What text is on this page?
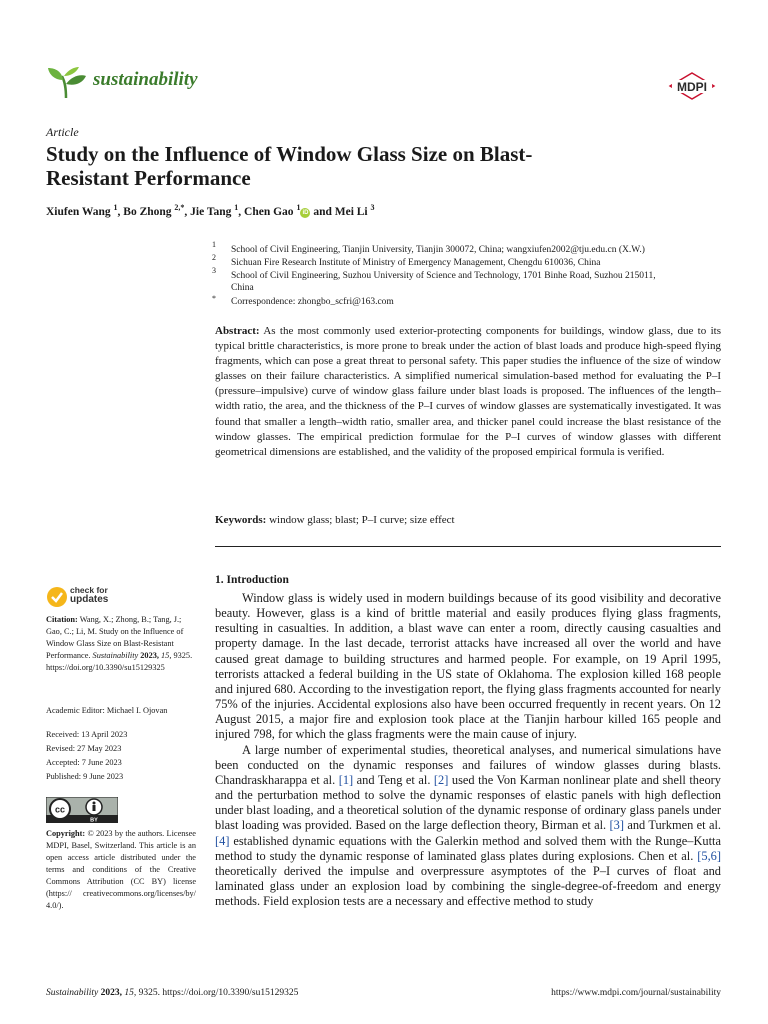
sustainability	MDPI
Article
Study on the Influence of Window Glass Size on Blast-Resistant Performance
Xiufen Wang $^1$, Bo Zhong $^{2,*}$, Jie Tang $^1$, Chen Gao $^1$iD and Mei Li $^3$
1
School of Civil Engineering, Tianjin University, Tianjin 300072, China; wangxiufen2002@tju.edu.cn (X.W.)
2
Sichuan Fire Research Institute of Ministry of Emergency Management, Chengdu 610036, China
3
School of Civil Engineering, Suzhou University of Science and Technology, 1701 Binhe Road, Suzhou 215011, China
* Correspondence: zhongbo_scfri@163.com
Abstract: As the most commonly used exterior-protecting components for buildings, window glass, due to its typical brittle characteristics, is more prone to break under the action of blast loads and produce high-speed flying fragments, which can pose a great threat to personal safety. This paper studies the influence of the size of window glasses on their failure characteristics. A simplified numerical simulation-based method for evaluating the P–I (pressure–impulsive) curve of window glass failure under blast loads is proposed. The influences of the length–width ratio, the area, and the thickness of the P–I curves of window glasses are systematically investigated. It was found that smaller a length–width ratio, smaller area, and thicker panel could increase the blast resistance of the window glasses. The empirical prediction formulae for the P–I curves of window glasses with different geometrical dimensions are established, and the validity of the proposed empirical formula is verified.
Keywords: window glass; blast; P–I curve; size effect
check for
updates
Citation: Wang, X.; Zhong, B.; Tang, J.; Gao, C.; Li, M. Study on the Influence of Window Glass Size on Blast-Resistant Performance. Sustainability 2023, 15, 9325. https://doi.org/10.3390/su15129325
Academic Editor: Michael I. Ojovan
Received: 13 April 2023
Revised: 27 May 2023
Accepted: 7 June 2023
Published: 9 June 2023
cc
BY
Copyright: © 2023 by the authors. Licensee MDPI, Basel, Switzerland. This article is an open access article distributed under the terms and conditions of the Creative Commons Attribution (CC BY) license (https:// creativecommons.org/licenses/by/ 4.0/).
1. Introduction

Window glass is widely used in modern buildings because of its good visibility and decorative beauty. However, glass is a kind of brittle material and easily produces flying glass fragments, resulting in casualties. In addition, a blast wave can enter a room, directly causing casualties and property damage. In the last decade, terrorist attacks have increased all over the world and have caused great damage to building structures and harmed people. For example, on 19 April 1995, terrorists attacked a federal building in the US state of Oklahoma. The explosion killed 168 people and injured 680. According to the investigation report, the flying glass fragments accounted for nearly 75% of the injuries. Accidental explosions also have been occurred frequently in recent years. On 12 August 2015, a major fire and explosion took place at the Tianjin harbour killed 165 people and injured 798, for which the glass fragments were the main cause of injury.

A large number of experimental studies, theoretical analyses, and numerical simulations have been conducted on the dynamic responses and failures of window glasses during blasts. Chandraskharappa et al. [1] and Teng et al. [2] used the Von Karman nonlinear plate and shell theory and the perturbation method to solve the dynamic responses of elastic panels with high deflection under blast loading, and a theoretical solution of the dynamic response of ordinary glass panels under blast loading was provided. Based on the large deflection theory, Birman et al. [3] and Turkmen et al. [4] established dynamic equations with the Galerkin method and solved them with the Runge–Kutta method to study the dynamic response of laminated glass plates during explosions. Chen et al. [5,6] theoretically derived the impulse and overpressure asymptotes of the P–I curves of float and laminated glass under an explosion load by combining the single-degree-of-freedom and energy methods. Field explosion tests are a necessary and effective method to study

Sustainability 2023, 15, 9325. https://doi.org/10.3390/su15129325	https://www.mdpi.com/journal/sustainability
